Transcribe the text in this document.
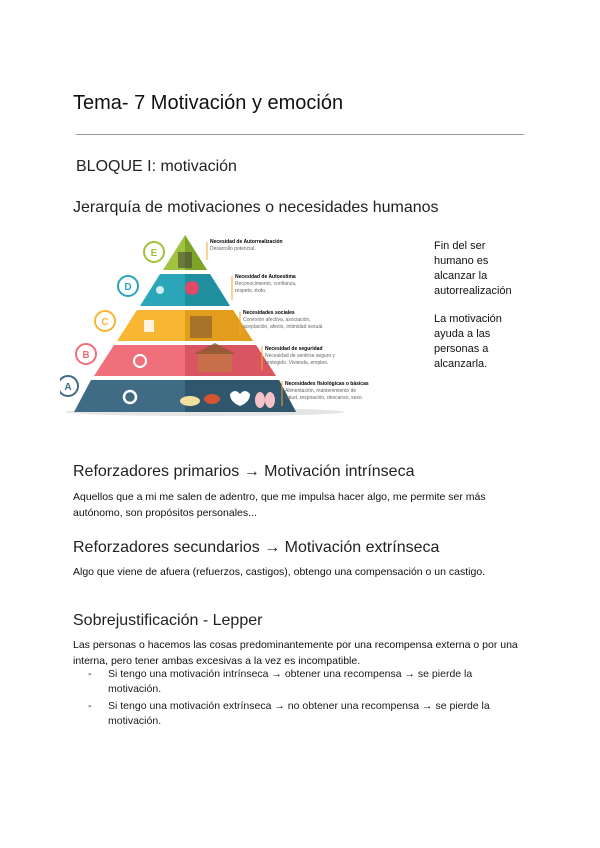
Tema- 7 Motivación y emoción
BLOQUE I: motivación
Jerarquía de motivaciones o necesidades humanos
E
Necesidad de Autorrealización
Desarrollo potencial.
D
Necesidad de Autoestima
Reconocimiento, confianza,
respeto, éxito.
C
Necesidades sociales
Conexión afectiva, asociación,
aceptación, afecto, intimidad sexual.
B
Necesidad de seguridad
Necesidad de sentirse seguro y
protegido. Vivienda, empleo.
A	Necesidades fisiológicas o básicas
Alimentación, mantenimiento de
salud, respiración, descanso, sexo.
Fin del ser
humano es
alcanzar la
autorrealización
La motivación
ayuda a las
personas a
alcanzarla.
Reforzadores primarios → Motivación intrínseca

Aquellos que a mi me salen de adentro, que me impulsa hacer algo, me permite ser más autónomo, son propósitos personales...

Reforzadores secundarios → Motivación extrínseca

Algo que viene de afuera (refuerzos, castigos), obtengo una compensación o un castigo.

Sobrejustificación - Lepper

Las personas o hacemos las cosas predominantemente por una recompensa externa o por una interna, pero tener ambas excesivas a la vez es incompatible.

- Si tengo una motivación intrínseca → obtener una recompensa → se pierde la motivación.
- Si tengo una motivación extrínseca → no obtener una recompensa → se pierde la motivación.
